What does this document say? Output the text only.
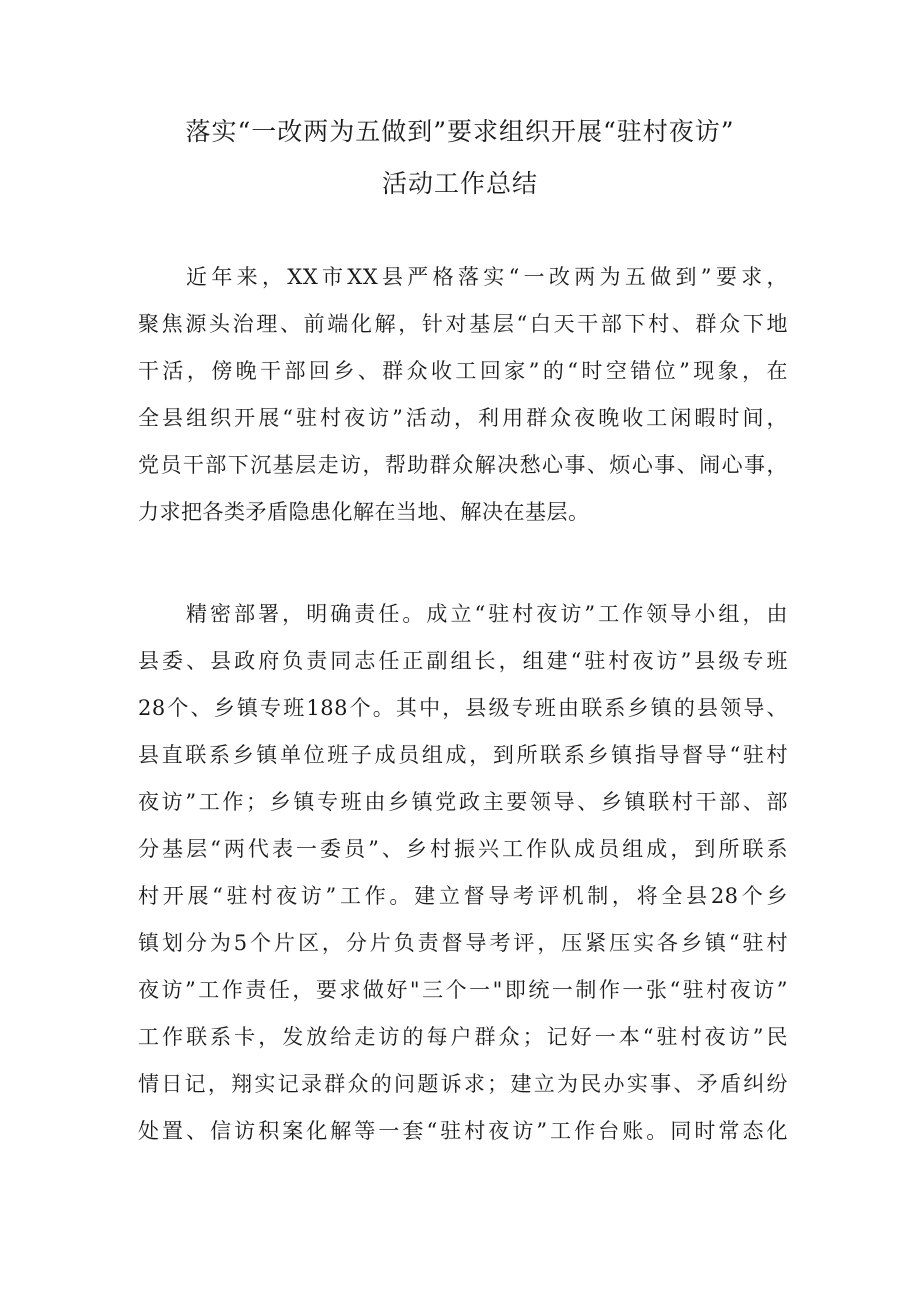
落实“一改两为五做到”要求组织开展“驻村夜访”
活动工作总结
近年来，XX市XX县严格落实“一改两为五做到”要求，
聚焦源头治理、前端化解，针对基层“白天干部下村、群众下地
干活，傍晚干部回乡、群众收工回家”的“时空错位”现象，在
全县组织开展“驻村夜访”活动，利用群众夜晚收工闲暇时间，
党员干部下沉基层走访，帮助群众解决愁心事、烦心事、闹心事，
力求把各类矛盾隐患化解在当地、解决在基层。
精密部署，明确责任。成立“驻村夜访”工作领导小组，由
县委、县政府负责同志任正副组长，组建“驻村夜访”县级专班
28个、乡镇专班188个。其中，县级专班由联系乡镇的县领导、
县直联系乡镇单位班子成员组成，到所联系乡镇指导督导“驻村
夜访”工作；乡镇专班由乡镇党政主要领导、乡镇联村干部、部
分基层“两代表一委员”、乡村振兴工作队成员组成，到所联系
村开展“驻村夜访”工作。建立督导考评机制，将全县28个乡
镇划分为5个片区，分片负责督导考评，压紧压实各乡镇“驻村
夜访”工作责任，要求做好"三个一"即统一制作一张“驻村夜访”
工作联系卡，发放给走访的每户群众；记好一本“驻村夜访”民
情日记，翔实记录群众的问题诉求；建立为民办实事、矛盾纠纷
处置、信访积案化解等一套“驻村夜访”工作台账。同时常态化
